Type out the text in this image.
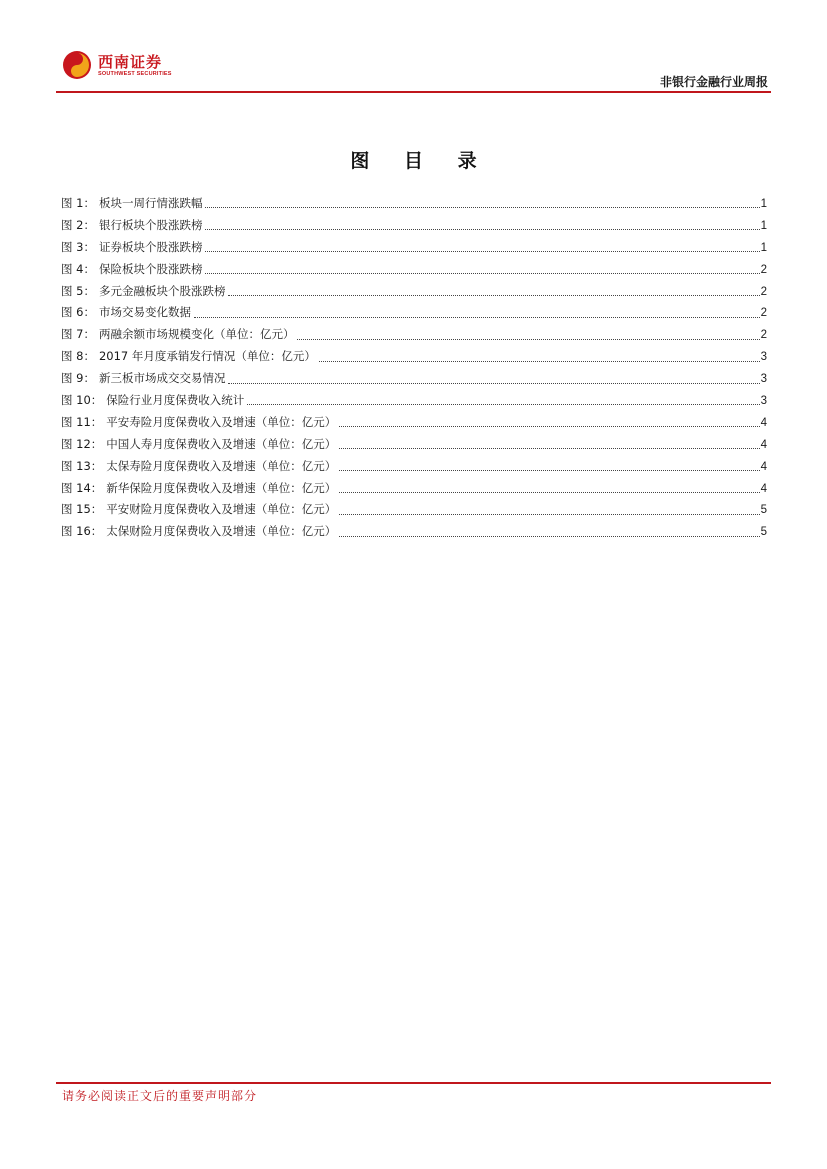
西南证券
SOUTHWEST SECURITIES
非银行金融行业周报
图 目 录
图 1： 板块一周行情涨跌幅	1
图 2： 银行板块个股涨跌榜	1
图 3： 证券板块个股涨跌榜	1
图 4： 保险板块个股涨跌榜	2
图 5： 多元金融板块个股涨跌榜	2
图 6： 市场交易变化数据	2
图 7： 两融余额市场规模变化（单位：亿元）	2
图 8： 2017 年月度承销发行情况（单位：亿元）	3
图 9： 新三板市场成交交易情况	3
图 10： 保险行业月度保费收入统计	3
图 11： 平安寿险月度保费收入及增速（单位：亿元）	4
图 12： 中国人寿月度保费收入及增速（单位：亿元）	4
图 13： 太保寿险月度保费收入及增速（单位：亿元）	4
图 14： 新华保险月度保费收入及增速（单位：亿元）	4
图 15： 平安财险月度保费收入及增速（单位：亿元）	5
图 16： 太保财险月度保费收入及增速（单位：亿元）	5
请务必阅读正文后的重要声明部分
